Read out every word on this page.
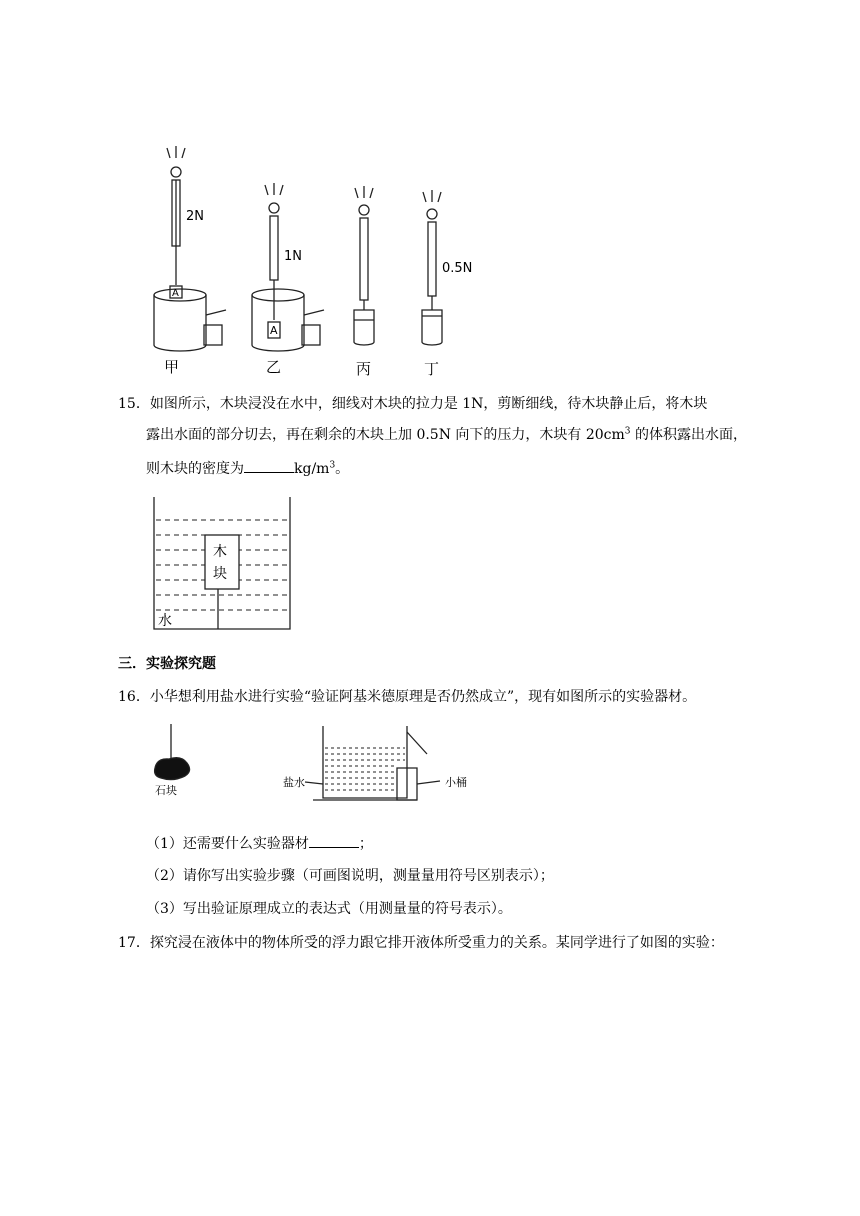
2N
1N
0.5N
A
A
甲	乙	丙	丁
15．如图所示，木块浸没在水中，细线对木块的拉力是 1N，剪断细线，待木块静止后，将木块
露出水面的部分切去，再在剩余的木块上加 0.5N 向下的压力，木块有 $20cm^3$ 的体积露出水面，
则木块的密度为	$kg/m^3$。
木
块
水
三．实验探究题
16．小华想利用盐水进行实验“验证阿基米德原理是否仍然成立”，现有如图所示的实验器材。
石块
盐水	小桶
（1）还需要什么实验器材	；
（2）请你写出实验步骤（可画图说明，测量量用符号区别表示）；
（3）写出验证原理成立的表达式（用测量量的符号表示）。
17．探究浸在液体中的物体所受的浮力跟它排开液体所受重力的关系。某同学进行了如图的实验：
